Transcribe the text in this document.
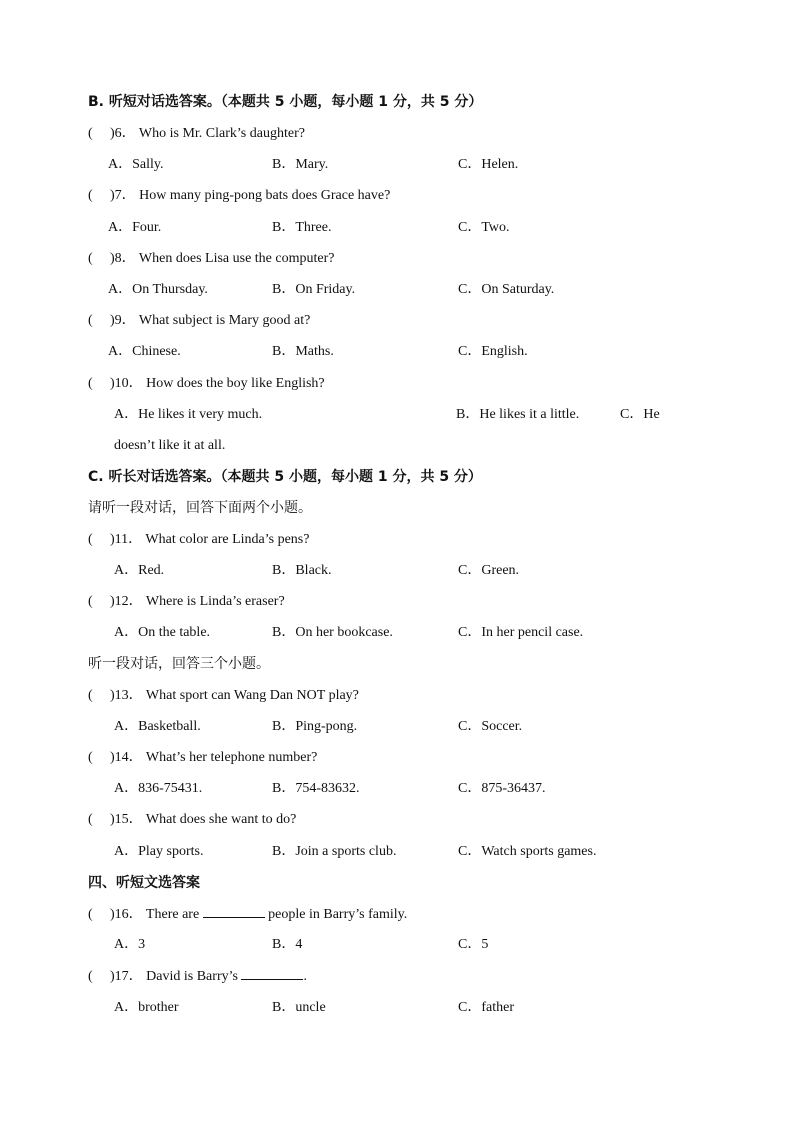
B. 听短对话选答案。（本题共 5 小题，每小题 1 分，共 5 分）
( )6． Who is Mr. Clark’s daughter?
A．Sally.	B．Mary.	C．Helen.
( )7． How many ping-pong bats does Grace have?
A．Four.	B．Three.	C．Two.
( )8． When does Lisa use the computer?
A．On Thursday.	B．On Friday.	C．On Saturday.
( )9． What subject is Mary good at?
A．Chinese.	B．Maths.	C．English.
( )10． How does the boy like English?
A．He likes it very much.	B．He likes it a little.	C．He
doesn’t like it at all.
C. 听长对话选答案。（本题共 5 小题，每小题 1 分，共 5 分）
请听一段对话，回答下面两个小题。
( )11． What color are Linda’s pens?
A．Red.	B．Black.	C．Green.
( )12． Where is Linda’s eraser?
A．On the table.	B．On her bookcase.	C．In her pencil case.
听一段对话，回答三个小题。
( )13． What sport can Wang Dan NOT play?
A．Basketball.	B．Ping-pong.	C．Soccer.
( )14． What’s her telephone number?
A．836-75431.	B．754-83632.	C．875-36437.
( )15． What does she want to do?
A．Play sports.	B．Join a sports club.	C．Watch sports games.
四、听短文选答案
( )16． There are	people in Barry’s family.
A．3	B．4	C．5
( )17． David is Barry’s	.
A．brother	B．uncle	C．father
